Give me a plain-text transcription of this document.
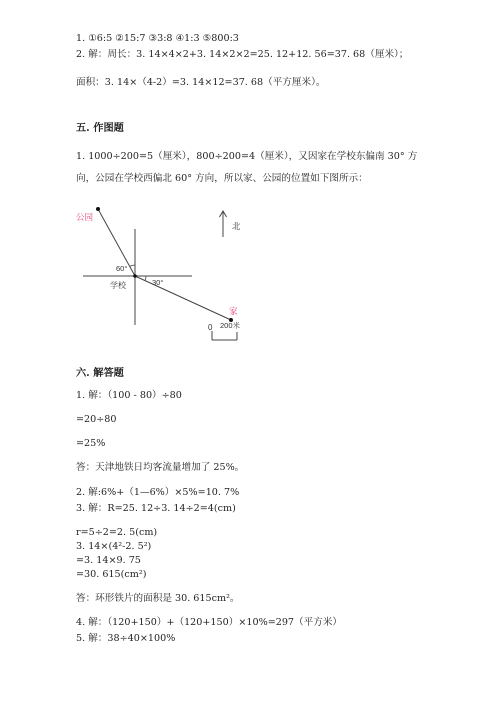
1. ①6:5 ②15:7 ③3:8 ④1:3 ⑤800:3
2. 解：周长：3. 14×4×2+3. 14×2×2=25. 12+12. 56=37. 68（厘米）；
面积：3. 14×（4-2）=3. 14×12=37. 68（平方厘米）。
五. 作图题
1. 1000÷200=5（厘米），800÷200=4（厘米），又因家在学校东偏南 30° 方
向，公园在学校西偏北 60° 方向，所以家、公园的位置如下图所示：
公园
60°
30°
学校
家
北
0 200米
六. 解答题
1. 解：（100 - 80）÷80
=20÷80
=25%
答：天津地铁日均客流量增加了 25%。
2. 解:6%+（1—6%）×5%=10. 7%
3. 解：R=25. 12÷3. 14÷2=4(cm)
r=5÷2=2. 5(cm)
3. 14×(4²-2. 5²)
=3. 14×9. 75
=30. 615(cm²)
答：环形铁片的面积是 30. 615cm²。
4. 解：（120+150）+（120+150）×10%=297（平方米）
5. 解：38÷40×100%
